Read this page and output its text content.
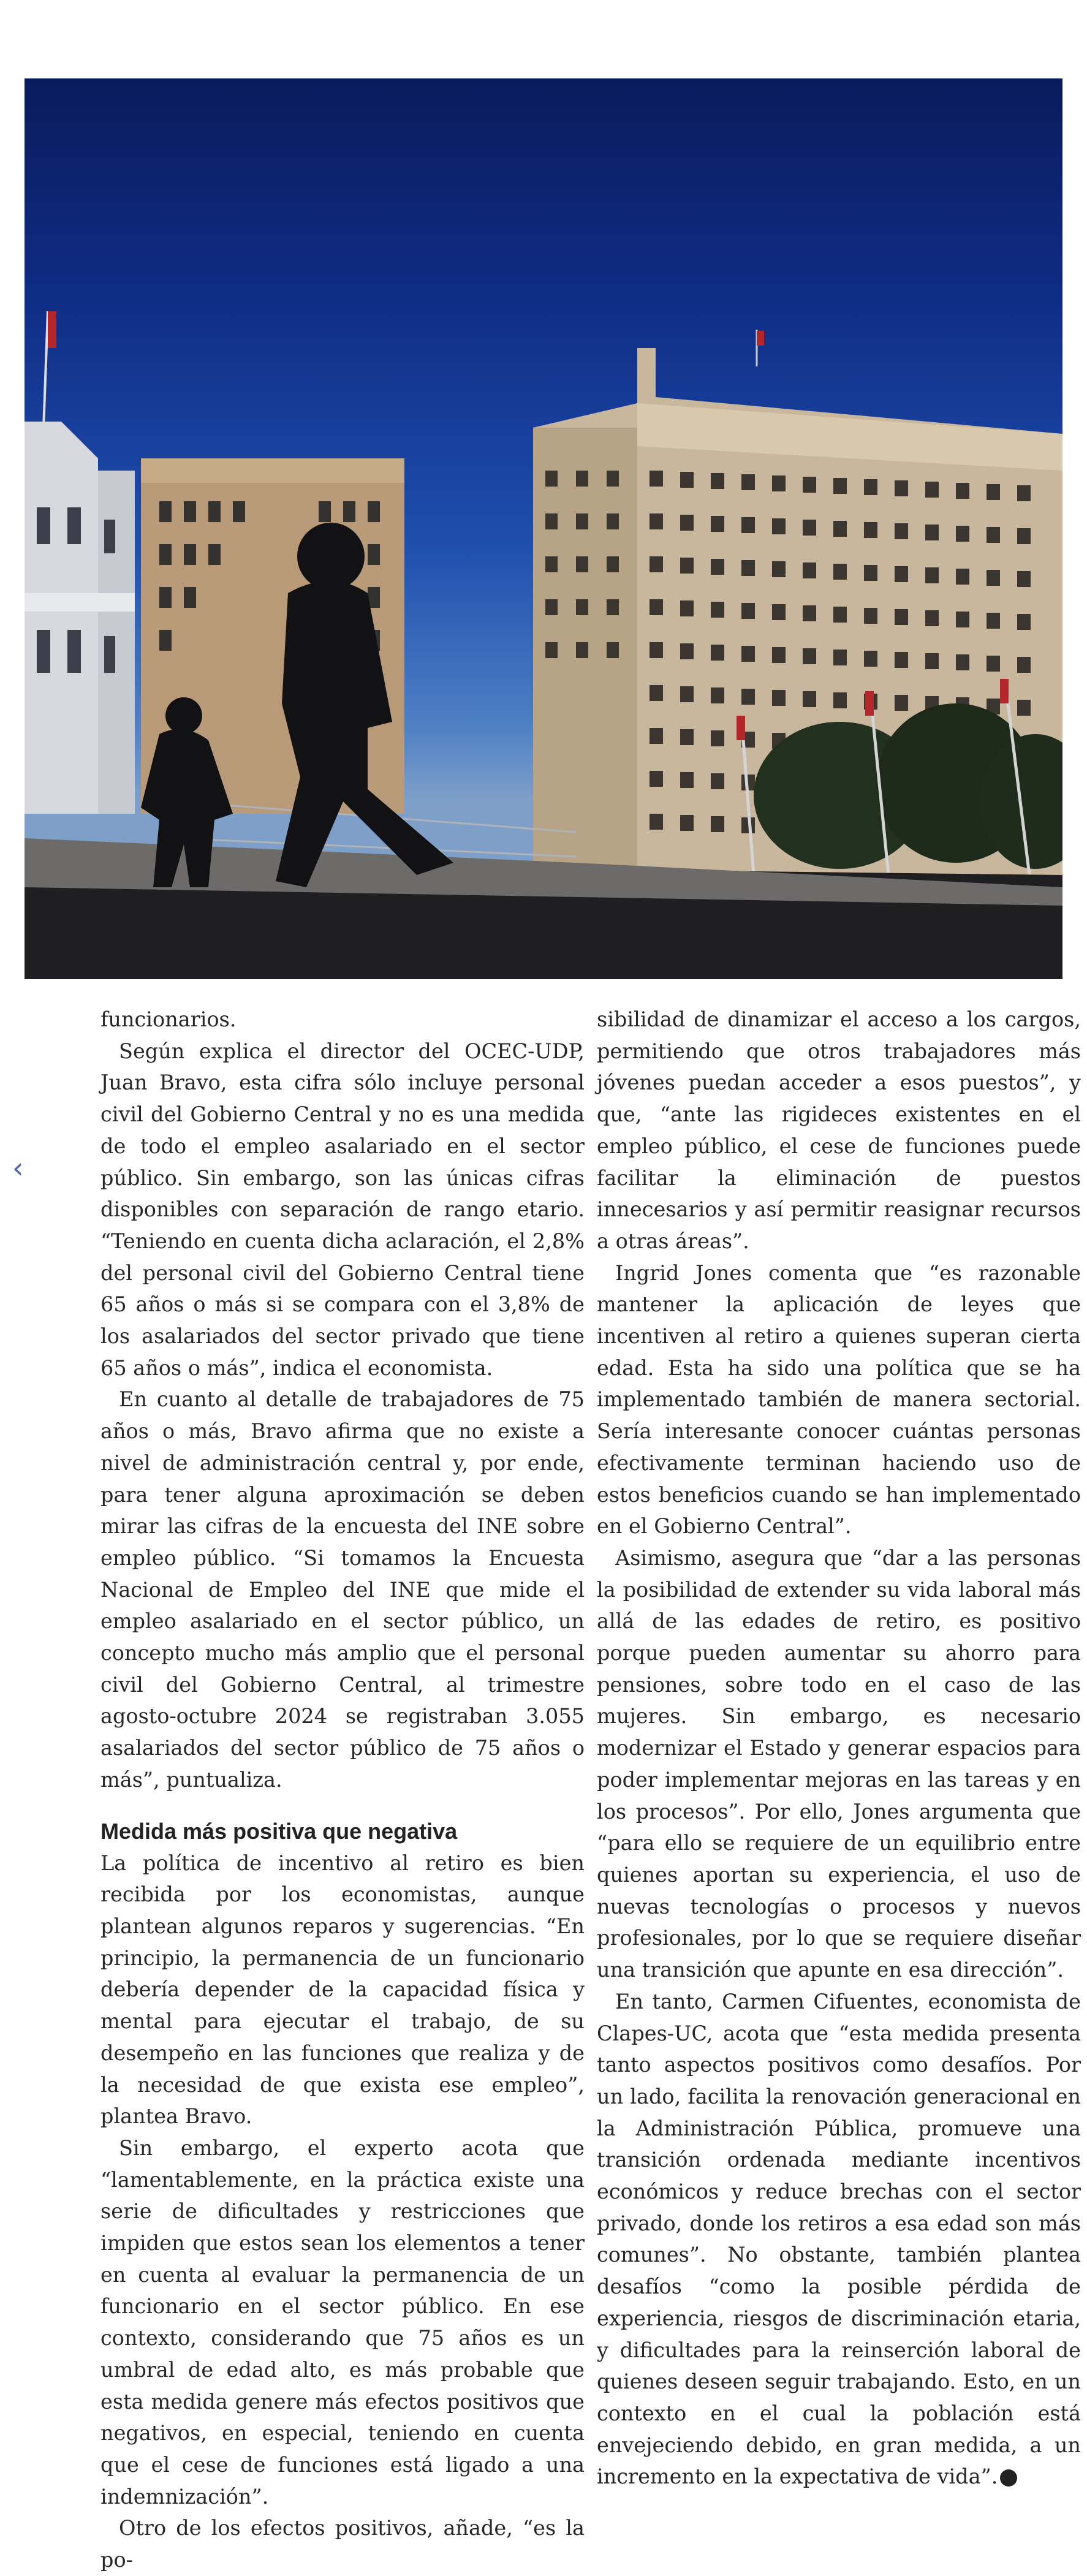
‹

funcionarios.

Según explica el director del OCEC-UDP, Juan Bravo, esta cifra sólo incluye personal civil del Gobierno Central y no es una medida de todo el empleo asalariado en el sector público. Sin embargo, son las únicas cifras disponibles con separación de rango etario. “Teniendo en cuenta dicha aclaración, el 2,8% del personal civil del Gobierno Central tiene 65 años o más si se compara con el 3,8% de los asalariados del sector privado que tiene 65 años o más”, indica el economista.

En cuanto al detalle de trabajadores de 75 años o más, Bravo afirma que no existe a nivel de administración central y, por ende, para tener alguna aproximación se deben mirar las cifras de la encuesta del INE sobre empleo público. “Si tomamos la Encuesta Nacional de Empleo del INE que mide el empleo asalariado en el sector público, un concepto mucho más amplio que el personal civil del Gobierno Central, al trimestre agosto-octubre 2024 se registraban 3.055 asalariados del sector público de 75 años o más”, puntualiza.

Medida más positiva que negativa

La política de incentivo al retiro es bien recibida por los economistas, aunque plantean algunos reparos y sugerencias. “En principio, la permanencia de un funcionario debería depender de la capacidad física y mental para ejecutar el trabajo, de su desempeño en las funciones que realiza y de la necesidad de que exista ese empleo”, plantea Bravo.

Sin embargo, el experto acota que “lamentablemente, en la práctica existe una serie de dificultades y restricciones que impiden que estos sean los elementos a tener en cuenta al evaluar la permanencia de un funcionario en el sector público. En ese contexto, considerando que 75 años es un umbral de edad alto, es más probable que esta medida genere más efectos positivos que negativos, en especial, teniendo en cuenta que el cese de funciones está ligado a una indemnización”.

Otro de los efectos positivos, añade, “es la po-

sibilidad de dinamizar el acceso a los cargos, permitiendo que otros trabajadores más jóvenes puedan acceder a esos puestos”, y que, “ante las rigideces existentes en el empleo público, el cese de funciones puede facilitar la eliminación de puestos innecesarios y así permitir reasignar recursos a otras áreas”.

Ingrid Jones comenta que “es razonable mantener la aplicación de leyes que incentiven al retiro a quienes superan cierta edad. Esta ha sido una política que se ha implementado también de manera sectorial. Sería interesante conocer cuántas personas efectivamente terminan haciendo uso de estos beneficios cuando se han implementado en el Gobierno Central”.

Asimismo, asegura que “dar a las personas la posibilidad de extender su vida laboral más allá de las edades de retiro, es positivo porque pueden aumentar su ahorro para pensiones, sobre todo en el caso de las mujeres. Sin embargo, es necesario modernizar el Estado y generar espacios para poder implementar mejoras en las tareas y en los procesos”. Por ello, Jones argumenta que “para ello se requiere de un equilibrio entre quienes aportan su experiencia, el uso de nuevas tecnologías o procesos y nuevos profesionales, por lo que se requiere diseñar una transición que apunte en esa dirección”.

En tanto, Carmen Cifuentes, economista de Clapes-UC, acota que “esta medida presenta tanto aspectos positivos como desafíos. Por un lado, facilita la renovación generacional en la Administración Pública, promueve una transición ordenada mediante incentivos económicos y reduce brechas con el sector privado, donde los retiros a esa edad son más comunes”. No obstante, también plantea desafíos “como la posible pérdida de experiencia, riesgos de discriminación etaria, y dificultades para la reinserción laboral de quienes deseen seguir trabajando. Esto, en un contexto en el cual la población está envejeciendo debido, en gran medida, a un incremento en la expectativa de vida”. P
